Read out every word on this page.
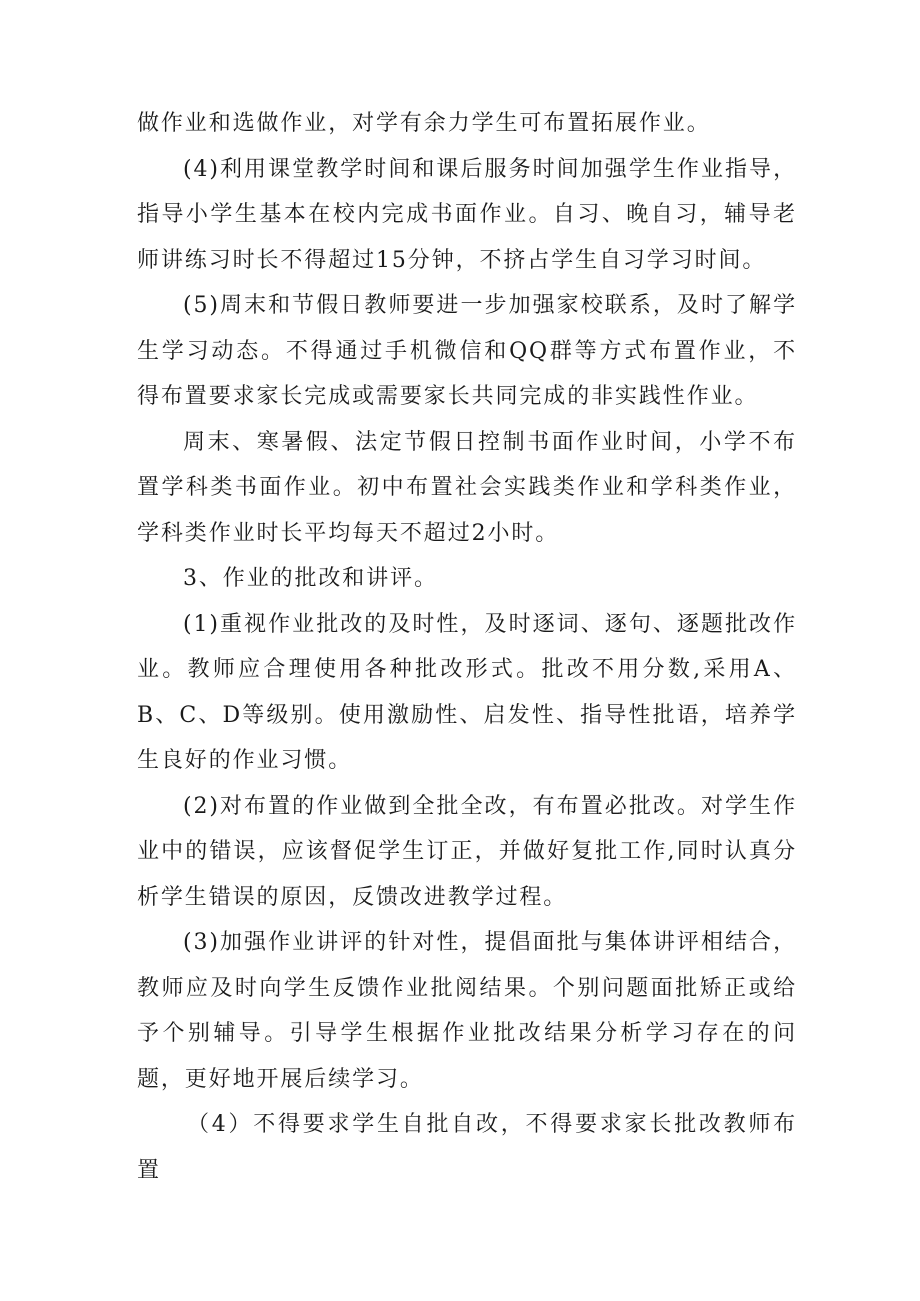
做作业和选做作业，对学有余力学生可布置拓展作业。

(4)利用课堂教学时间和课后服务时间加强学生作业指导，指导小学生基本在校内完成书面作业。自习、晚自习，辅导老师讲练习时长不得超过15分钟，不挤占学生自习学习时间。

(5)周末和节假日教师要进一步加强家校联系，及时了解学生学习动态。不得通过手机微信和QQ群等方式布置作业，不得布置要求家长完成或需要家长共同完成的非实践性作业。

周末、寒暑假、法定节假日控制书面作业时间，小学不布置学科类书面作业。初中布置社会实践类作业和学科类作业，学科类作业时长平均每天不超过2小时。

3、作业的批改和讲评。

(1)重视作业批改的及时性，及时逐词、逐句、逐题批改作业。教师应合理使用各种批改形式。批改不用分数,采用A、B、C、D等级别。使用激励性、启发性、指导性批语，培养学生良好的作业习惯。

(2)对布置的作业做到全批全改，有布置必批改。对学生作业中的错误，应该督促学生订正，并做好复批工作,同时认真分析学生错误的原因，反馈改进教学过程。

(3)加强作业讲评的针对性，提倡面批与集体讲评相结合，教师应及时向学生反馈作业批阅结果。个别问题面批矫正或给予个别辅导。引导学生根据作业批改结果分析学习存在的问题，更好地开展后续学习。

（4）不得要求学生自批自改，不得要求家长批改教师布置
